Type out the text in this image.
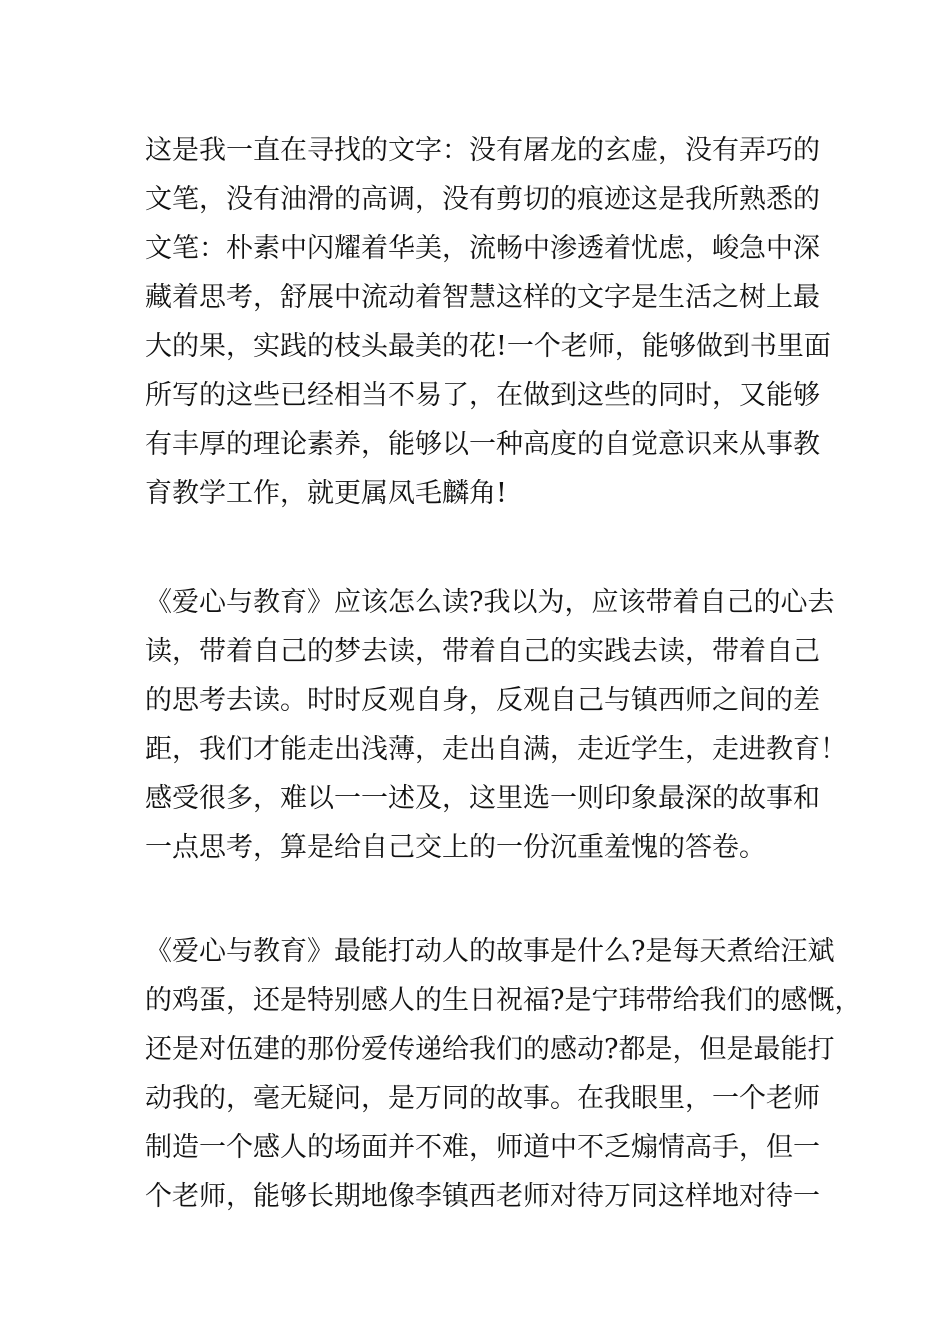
这是我一直在寻找的文字：没有屠龙的玄虚，没有弄巧的
文笔，没有油滑的高调，没有剪切的痕迹这是我所熟悉的
文笔：朴素中闪耀着华美，流畅中渗透着忧虑，峻急中深
藏着思考，舒展中流动着智慧这样的文字是生活之树上最
大的果，实践的枝头最美的花!一个老师，能够做到书里面
所写的这些已经相当不易了，在做到这些的同时，又能够
有丰厚的理论素养，能够以一种高度的自觉意识来从事教
育教学工作，就更属凤毛麟角!

《爱心与教育》应该怎么读?我以为，应该带着自己的心去
读，带着自己的梦去读，带着自己的实践去读，带着自己
的思考去读。时时反观自身，反观自己与镇西师之间的差
距，我们才能走出浅薄，走出自满，走近学生，走进教育！
感受很多，难以一一述及，这里选一则印象最深的故事和
一点思考，算是给自己交上的一份沉重羞愧的答卷。

《爱心与教育》最能打动人的故事是什么?是每天煮给汪斌
的鸡蛋，还是特别感人的生日祝福?是宁玮带给我们的感慨，
还是对伍建的那份爱传递给我们的感动?都是，但是最能打
动我的，毫无疑问，是万同的故事。在我眼里，一个老师
制造一个感人的场面并不难，师道中不乏煽情高手，但一
个老师，能够长期地像李镇西老师对待万同这样地对待一
